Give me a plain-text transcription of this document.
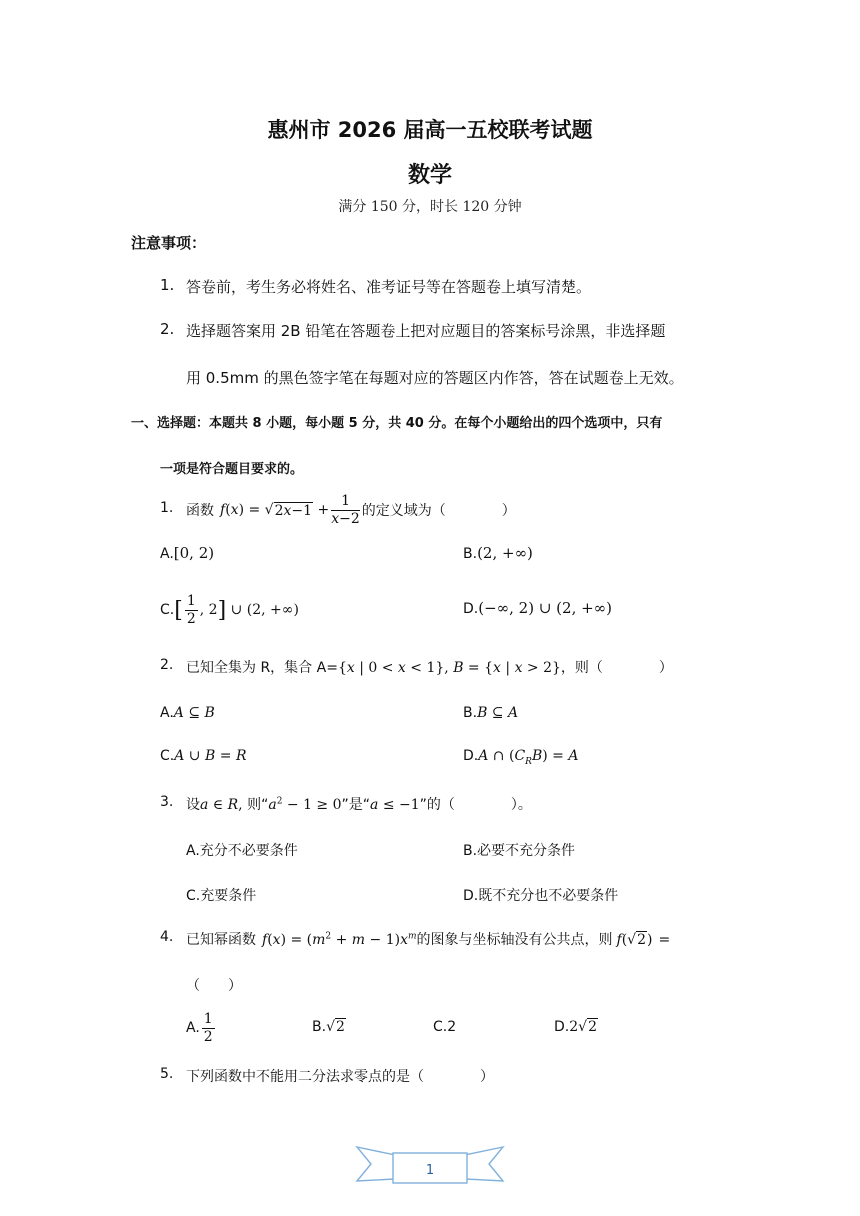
惠州市 2026 届高一五校联考试题
数学
满分 150 分，时长 120 分钟
注意事项：
1. 答卷前，考生务必将姓名、准考证号等在答题卷上填写清楚。
2. 选择题答案用 2B 铅笔在答题卷上把对应题目的答案标号涂黑，非选择题
用 0.5mm 的黑色签字笔在每题对应的答题区内作答，答在试题卷上无效。
一、选择题：本题共 8 小题，每小题 5 分，共 40 分。在每个小题给出的四个选项中，只有
一项是符合题目要求的。
1. 函数 f ( x ) = √ $2x-1 + \frac{1}{x-2}$ 的定义域为（　　　　）
A.[0, 2)	B.(2, +∞)
C. [ $\frac{1}{2}$ , 2 ] ∪ (2, +∞)	D.(−∞, 2) ∪ (2, +∞)
2. 已知全集为 R，集合 A={x | 0 < x < 1}, B = {x | x > 2}，则（　　　　）
A.A ⊆ B	B.B ⊆ A
C.A ∪ B = R	D.A ∩ $(C_RB) = A$
3. 设a ∈ R, 则“$a^2 - 1 \ge 0$”是“a ≤ −1”的（　　　　）。
A.充分不必要条件	B.必要不充分条件
C.充要条件	D.既不充分也不必要条件
4. 已知幂函数 $f(x) = (m^2 + m - 1)x^m$的图象与坐标轴没有公共点，则 f(√2) =
（　　）
A. $\frac{1}{2}$	B.√2	C.2	D.2√2
5. 下列函数中不能用二分法求零点的是（　　　　）
1
